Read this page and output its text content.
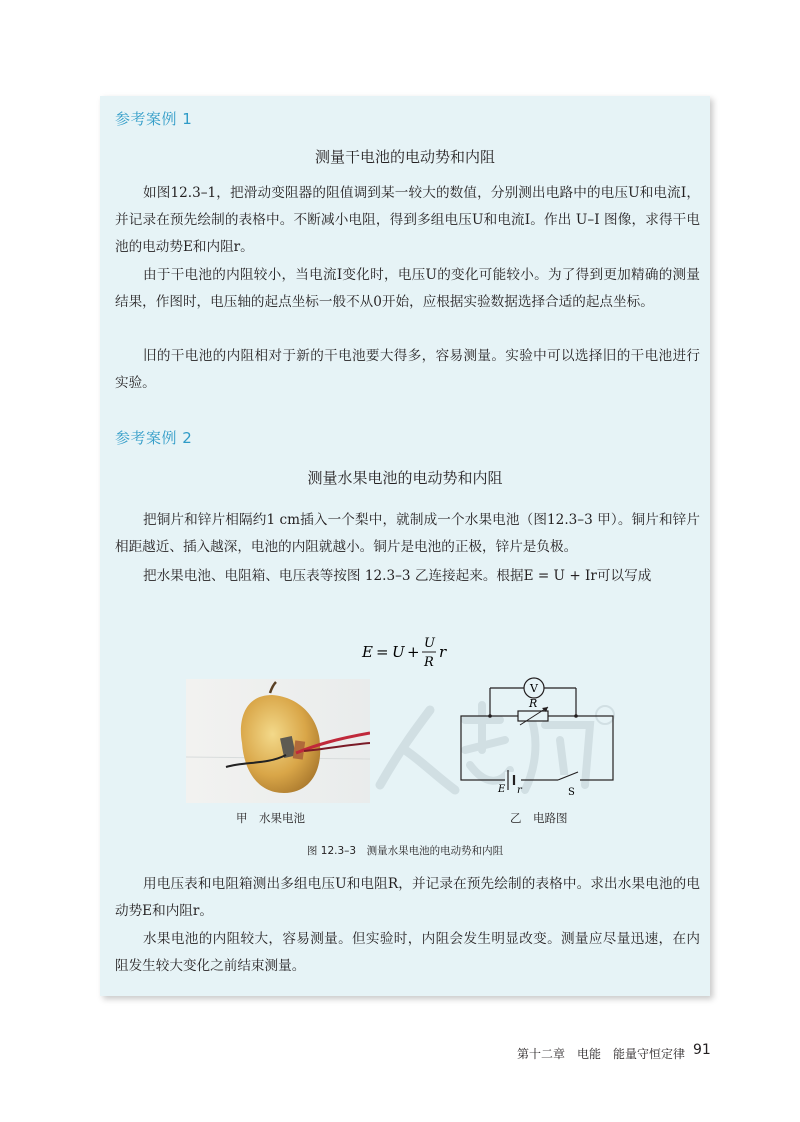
参考案例 1
测量干电池的电动势和内阻

如图12.3–1，把滑动变阻器的阻值调到某一较大的数值，分别测出电路中的电压U和电流I，并记录在预先绘制的表格中。不断减小电阻，得到多组电压U和电流I。作出 U–I 图像，求得干电池的电动势E和内阻r。

由于干电池的内阻较小，当电流I变化时，电压U的变化可能较小。为了得到更加精确的测量结果，作图时，电压轴的起点坐标一般不从0开始，应根据实验数据选择合适的起点坐标。

旧的干电池的内阻相对于新的干电池要大得多，容易测量。实验中可以选择旧的干电池进行实验。

参考案例 2
测量水果电池的电动势和内阻

把铜片和锌片相隔约1 cm插入一个梨中，就制成一个水果电池（图12.3–3 甲）。铜片和锌片相距越近、插入越深，电池的内阻就越小。铜片是电池的正极，锌片是负极。

把水果电池、电阻箱、电压表等按图 12.3–3 乙连接起来。根据E = U + Ir可以写成

E = U + U
R
r
V
R
E r	S
甲　水果电池	乙　电路图
图 12.3–3　测量水果电池的电动势和内阻

用电压表和电阻箱测出多组电压U和电阻R，并记录在预先绘制的表格中。求出水果电池的电动势E和内阻r。

水果电池的内阻较大，容易测量。但实验时，内阻会发生明显改变。测量应尽量迅速，在内阻发生较大变化之前结束测量。

第十二章　电能　能量守恒定律 91
